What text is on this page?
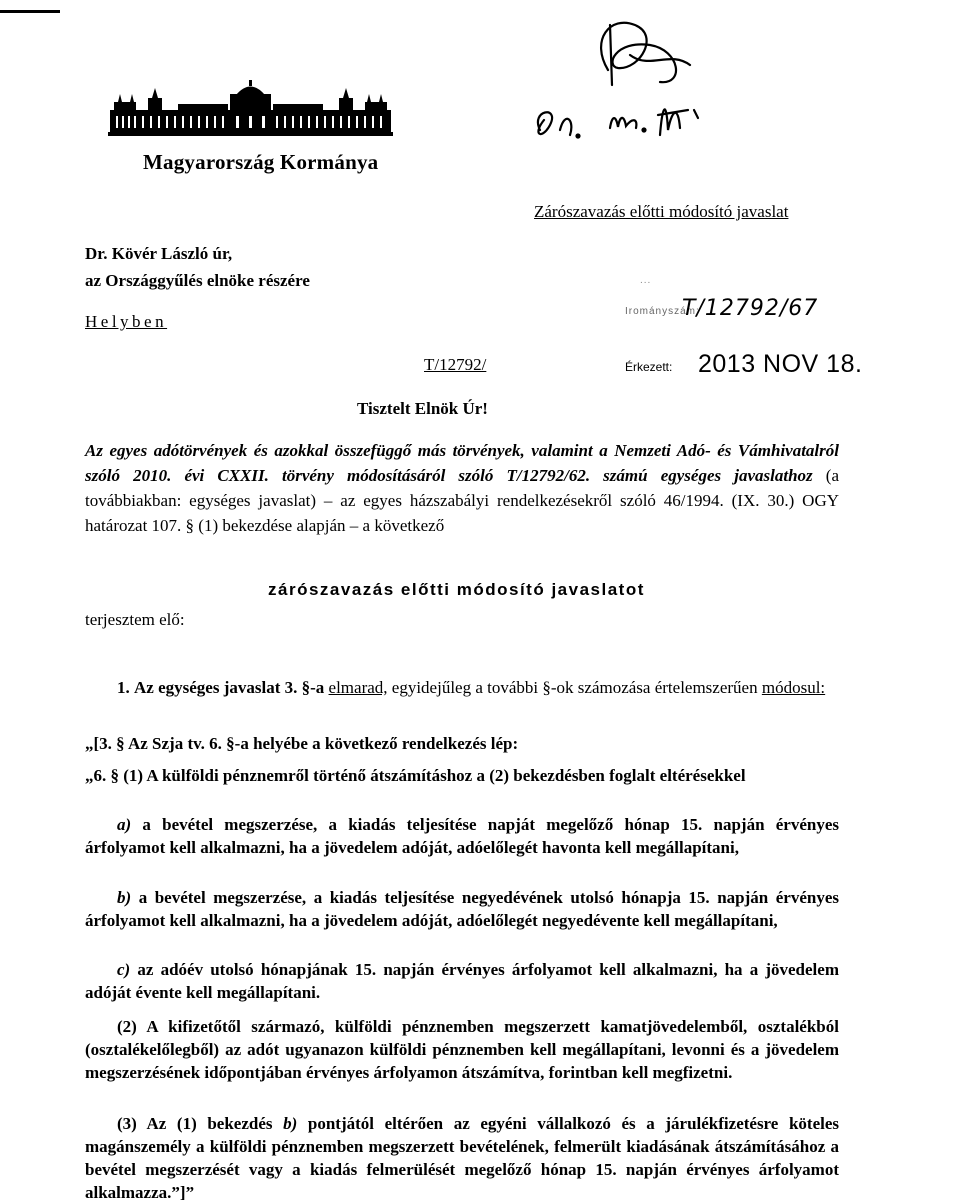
Magyarország Kormánya
Zárószavazás előtti módosító javaslat
Dr. Kövér László úr,
az Országgyűlés elnöke részére
Helyben
...
Irományszám:
T/12792/67
T/12792/	Érkezett: 2013 NOV 18.
Tisztelt Elnök Úr!
Az egyes adótörvények és azokkal összefüggő más törvények, valamint a Nemzeti Adó- és Vámhivatalról szóló 2010. évi CXXII. törvény módosításáról szóló T/12792/62. számú egységes javaslathoz (a továbbiakban: egységes javaslat) – az egyes házszabályi rendelkezésekről szóló 46/1994. (IX. 30.) OGY határozat 107. § (1) bekezdése alapján – a következő
zárószavazás előtti módosító javaslatot
terjesztem elő:
1. Az egységes javaslat 3. §-a elmarad, egyidejűleg a további §-ok számozása értelemszerűen módosul:
„[3. § Az Szja tv. 6. §-a helyébe a következő rendelkezés lép:
„6. § (1) A külföldi pénznemről történő átszámításhoz a (2) bekezdésben foglalt eltérésekkel
a) a bevétel megszerzése, a kiadás teljesítése napját megelőző hónap 15. napján érvényes árfolyamot kell alkalmazni, ha a jövedelem adóját, adóelőlegét havonta kell megállapítani,
b) a bevétel megszerzése, a kiadás teljesítése negyedévének utolsó hónapja 15. napján érvényes árfolyamot kell alkalmazni, ha a jövedelem adóját, adóelőlegét negyedévente kell megállapítani,
c) az adóév utolsó hónapjának 15. napján érvényes árfolyamot kell alkalmazni, ha a jövedelem adóját évente kell megállapítani.
(2) A kifizetőtől származó, külföldi pénznemben megszerzett kamatjövedelemből, osztalékból (osztalékelőlegből) az adót ugyanazon külföldi pénznemben kell megállapítani, levonni és a jövedelem megszerzésének időpontjában érvényes árfolyamon átszámítva, forintban kell megfizetni.
(3) Az (1) bekezdés b) pontjától eltérően az egyéni vállalkozó és a járulékfizetésre köteles magánszemély a külföldi pénznemben megszerzett bevételének, felmerült kiadásának átszámításához a bevétel megszerzését vagy a kiadás felmerülését megelőző hónap 15. napján érvényes árfolyamot alkalmazza.”]”
